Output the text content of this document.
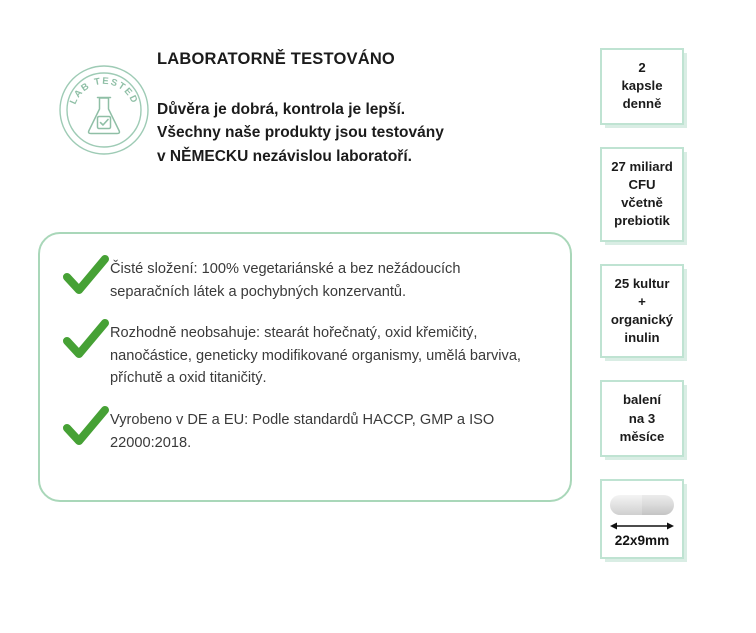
LAB TESTED
LABORATORNĚ TESTOVÁNO

Důvěra je dobrá, kontrola je lepší.
Všechny naše produkty jsou testovány
v NĚMECKU nezávislou laboratoří.

Čisté složení: 100% vegetariánské a bez nežádoucích separačních látek a pochybných konzervantů.
Rozhodně neobsahuje: stearát hořečnatý, oxid křemičitý, nanočástice, geneticky modifikované organismy, umělá barviva, příchutě a oxid titaničitý.
Vyrobeno v DE a EU: Podle standardů HACCP, GMP a ISO 22000:2018.
2
kapsle
denně
27 miliard
CFU
včetně
prebiotik
25 kultur
+
organický
inulin
balení
na 3
měsíce
22x9mm
